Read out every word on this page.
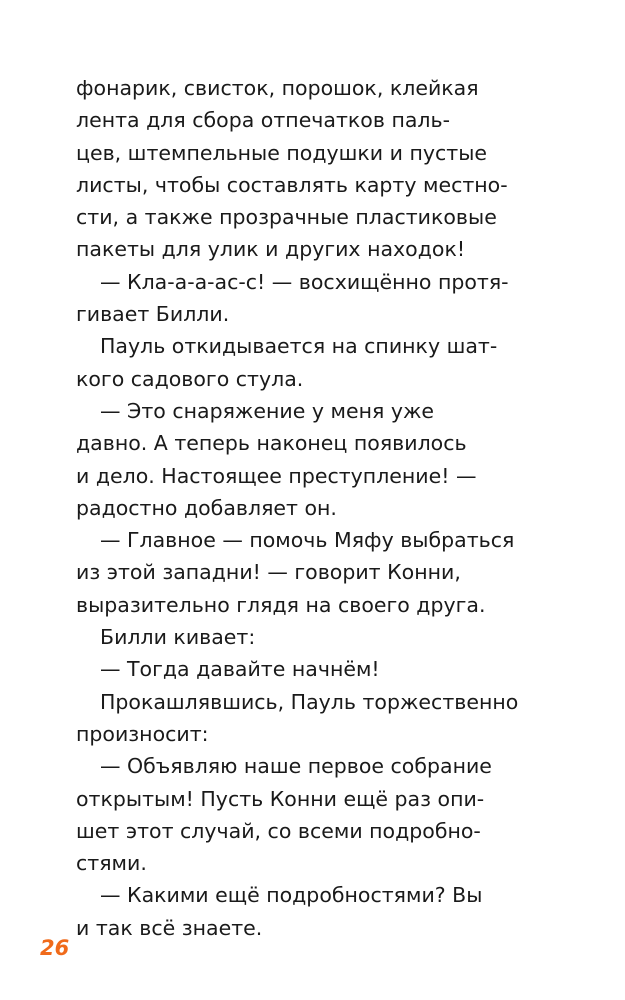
фонарик, свисток, порошок, клейкая
лента для сбора отпечатков паль-
цев, штемпельные подушки и пустые
листы, чтобы составлять карту местно-
сти, а также прозрачные пластиковые
пакеты для улик и других находок!
— Кла-а-а-ас-с! — восхищённо протя-
гивает Билли.
Пауль откидывается на спинку шат-
кого садового стула.
— Это снаряжение у меня уже
давно. А теперь наконец появилось
и дело. Настоящее преступление! —
радостно добавляет он.
— Главное — помочь Мяфу выбраться
из этой западни! — говорит Конни,
выразительно глядя на своего друга.
Билли кивает:
— Тогда давайте начнём!
Прокашлявшись, Пауль торжественно
произносит:
— Объявляю наше первое собрание
открытым! Пусть Конни ещё раз опи-
шет этот случай, со всеми подробно-
стями.
— Какими ещё подробностями? Вы
и так всё знаете.
26
